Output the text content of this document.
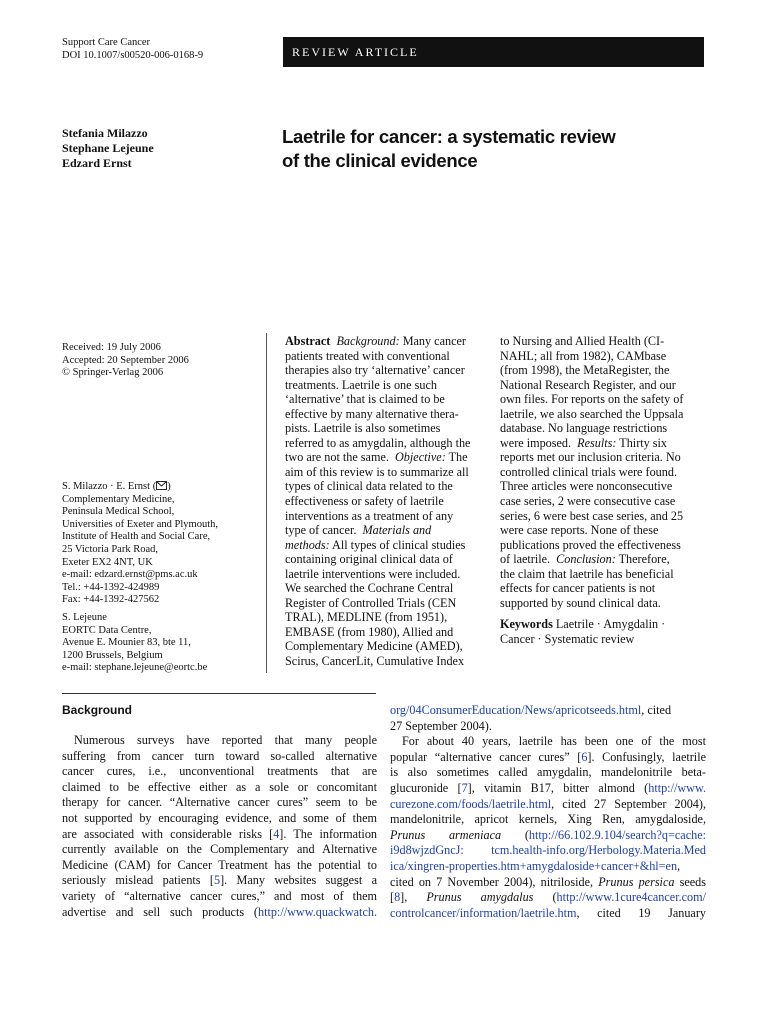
Support Care Cancer
DOI 10.1007/s00520-006-0168-9	REVIEW ARTICLE
Stefania Milazzo
Stephane Lejeune
Edzard Ernst
Laetrile for cancer: a systematic review
of the clinical evidence
Received: 19 July 2006
Accepted: 20 September 2006
© Springer-Verlag 2006
S. Milazzo · E. Ernst ( )
Complementary Medicine,
Peninsula Medical School,
Universities of Exeter and Plymouth,
Institute of Health and Social Care,
25 Victoria Park Road,
Exeter EX2 4NT, UK
e-mail: edzard.ernst@pms.ac.uk
Tel.: +44-1392-424989
Fax: +44-1392-427562
S. Lejeune
EORTC Data Centre,
Avenue E. Mounier 83, bte 11,
1200 Brussels, Belgium
e-mail: stephane.lejeune@eortc.be
Abstract Background: Many cancer
patients treated with conventional
therapies also try ‘alternative’ cancer
treatments. Laetrile is one such
‘alternative’ that is claimed to be
effective by many alternative thera-
pists. Laetrile is also sometimes
referred to as amygdalin, although the
two are not the same. Objective: The
aim of this review is to summarize all
types of clinical data related to the
effectiveness or safety of laetrile
interventions as a treatment of any
type of cancer. Materials and
methods: All types of clinical studies
containing original clinical data of
laetrile interventions were included.
We searched the Cochrane Central
Register of Controlled Trials (CEN
TRAL), MEDLINE (from 1951),
EMBASE (from 1980), Allied and
Complementary Medicine (AMED),
Scirus, CancerLit, Cumulative Index
to Nursing and Allied Health (CI-
NAHL; all from 1982), CAMbase
(from 1998), the MetaRegister, the
National Research Register, and our
own files. For reports on the safety of
laetrile, we also searched the Uppsala
database. No language restrictions
were imposed. Results: Thirty six
reports met our inclusion criteria. No
controlled clinical trials were found.
Three articles were nonconsecutive
case series, 2 were consecutive case
series, 6 were best case series, and 25
were case reports. None of these
publications proved the effectiveness
of laetrile. Conclusion: Therefore,
the claim that laetrile has beneficial
effects for cancer patients is not
supported by sound clinical data.
Keywords Laetrile · Amygdalin ·
Cancer · Systematic review
Background
Numerous surveys have reported that many people
suffering from cancer turn toward so-called alternative
cancer cures, i.e., unconventional treatments that are
claimed to be effective either as a sole or concomitant
therapy for cancer. “Alternative cancer cures” seem to be
not supported by encouraging evidence, and some of them
are associated with considerable risks [4]. The information
currently available on the Complementary and Alternative
Medicine (CAM) for Cancer Treatment has the potential to
seriously mislead patients [5]. Many websites suggest a
variety of “alternative cancer cures,” and most of them
advertise and sell such products (http://www.quackwatch.
org/04ConsumerEducation/News/apricotseeds.html, cited
27 September 2004).
For about 40 years, laetrile has been one of the most
popular “alternative cancer cures” [6]. Confusingly, laetrile
is also sometimes called amygdalin, mandelonitrile beta-
glucuronide [7], vitamin B17, bitter almond (http://www.
curezone.com/foods/laetrile.html, cited 27 September 2004),
mandelonitrile, apricot kernels, Xing Ren, amygdaloside,
Prunus armeniaca (http://66.102.9.104/search?q=cache:
i9d8wjzdGncJ: tcm.health-info.org/Herbology.Materia.Med
ica/xingren-properties.htm+amygdaloside+cancer+&hl=en,
cited on 7 November 2004), nitriloside, Prunus persica seeds
[8], Prunus amygdalus (http://www.1cure4cancer.com/
controlcancer/information/laetrile.htm, cited 19 January
